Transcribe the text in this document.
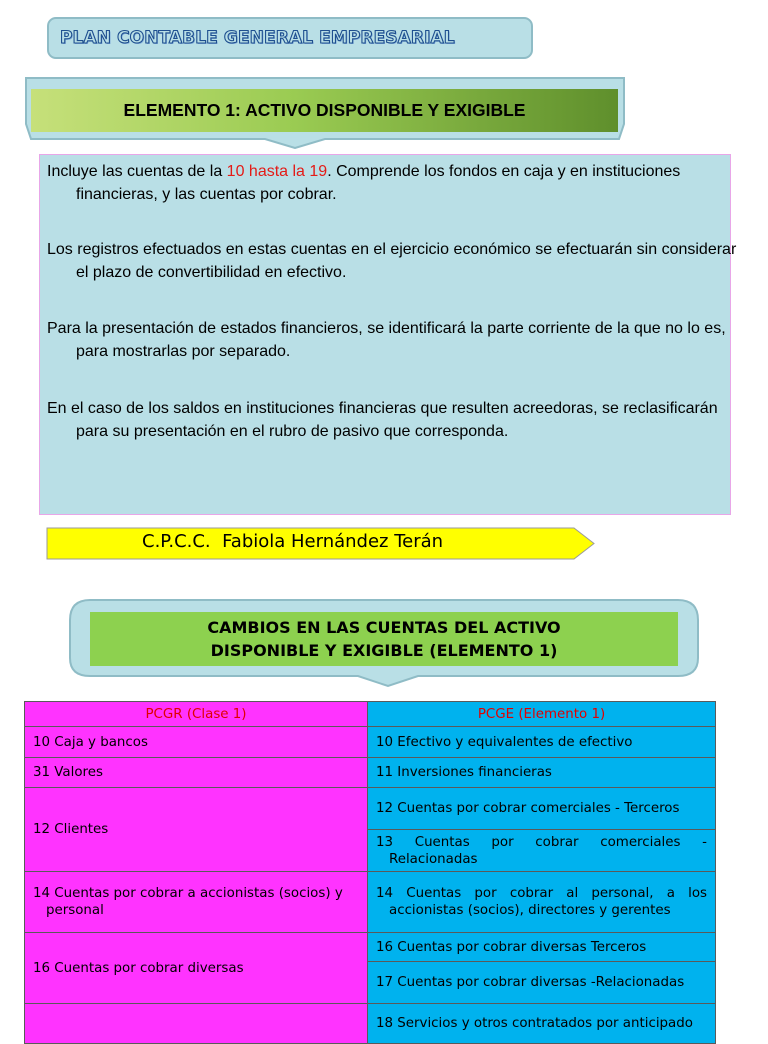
PLAN CONTABLE GENERAL EMPRESARIAL
ELEMENTO 1: ACTIVO DISPONIBLE Y EXIGIBLE
Incluye las cuentas de la 10 hasta la 19. Comprende los fondos en caja y en instituciones financieras, y las cuentas por cobrar.
Los registros efectuados en estas cuentas en el ejercicio económico se efectuarán sin considerar el plazo de convertibilidad en efectivo.
Para la presentación de estados financieros, se identificará la parte corriente de la que no lo es, para mostrarlas por separado.
En el caso de los saldos en instituciones financieras que resulten acreedoras, se reclasificarán para su presentación en el rubro de pasivo que corresponda.
C.P.C.C.  Fabiola Hernández Terán
CAMBIOS EN LAS CUENTAS DEL ACTIVO
DISPONIBLE Y EXIGIBLE (ELEMENTO 1)
PCGR (Clase 1)	PCGE (Elemento 1)
10 Caja y bancos	10 Efectivo y equivalentes de efectivo
31 Valores	11 Inversiones financieras
12 Clientes	12 Cuentas por cobrar comerciales - Terceros
	13 Cuentas por cobrar comerciales - Relacionadas
14 Cuentas por cobrar a accionistas (socios) y personal	14 Cuentas por cobrar al personal, a los accionistas (socios), directores y gerentes
16 Cuentas por cobrar diversas	16 Cuentas por cobrar diversas Terceros
	17 Cuentas por cobrar diversas -Relacionadas
	18 Servicios y otros contratados por anticipado
